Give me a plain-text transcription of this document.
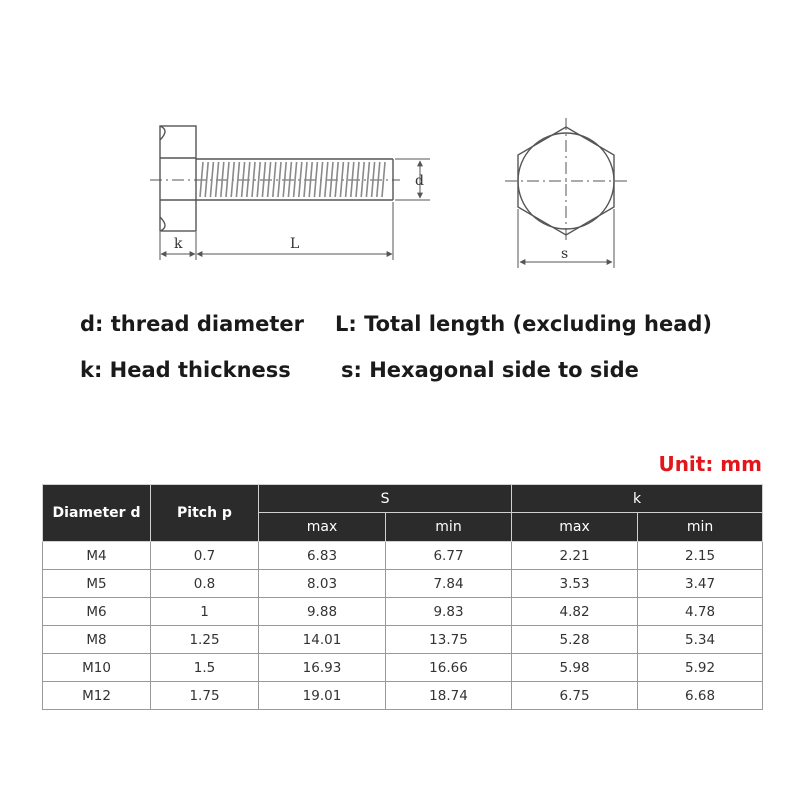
d
k	L
s
d: thread diameter L: Total length (excluding head)
k: Head thickness s: Hexagonal side to side
Unit: mm
Diameter d	Pitch p	S		k	
		max	min	max	min
M4	0.7	6.83	6.77	2.21	2.15
M5	0.8	8.03	7.84	3.53	3.47
M6	1	9.88	9.83	4.82	4.78
M8	1.25	14.01	13.75	5.28	5.34
M10	1.5	16.93	16.66	5.98	5.92
M12	1.75	19.01	18.74	6.75	6.68
